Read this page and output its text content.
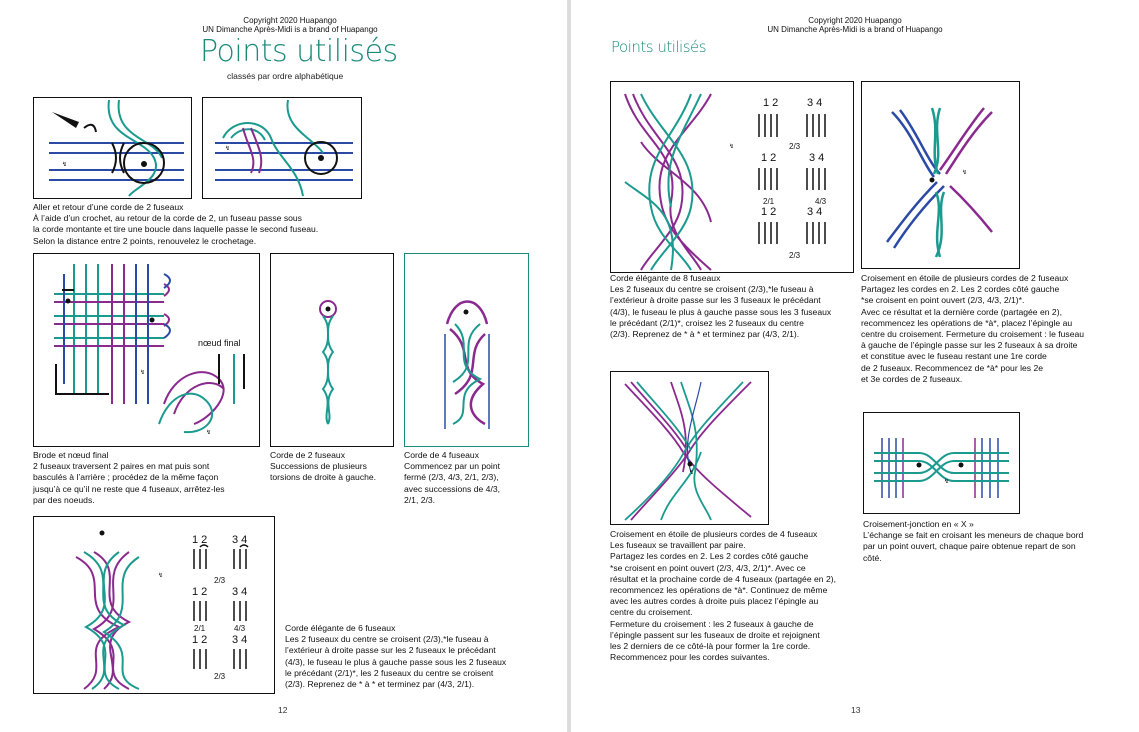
Copyright 2020 Huapango
UN Dimanche Après-Midi is a brand of Huapango
Points utilisés
classés par ordre alphabétique
↯
↯
Aller et retour d’une corde de 2 fuseaux
À l’aide d’un crochet, au retour de la corde de 2, un fuseau passe sous
la corde montante et tire une boucle dans laquelle passe le second fuseau.
Selon la distance entre 2 points, renouvelez le crochetage.
nœud final
↯
↯
Brode et nœud final
2 fuseaux traversent 2 paires en mat puis sont
basculés à l’arrière ; procédez de la même façon
jusqu’à ce qu’il ne reste que 4 fuseaux, arrêtez-les
par des noeuds.
Corde de 2 fuseaux
Successions de plusieurs
torsions de droite à gauche.
Corde de 4 fuseaux
Commencez par un point
fermé (2/3, 4/3, 2/1, 2/3),
avec successions de 4/3,
2/1, 2/3.
↯
1 2 3 4
1 2 3 4
1 2 3 4
2/3
2/1	4/3
2/3
Corde élégante de 6 fuseaux
Les 2 fuseaux du centre se croisent (2/3),*le fuseau à
l’extérieur à droite passe sur les 2 fuseaux le précédant
(4/3), le fuseau le plus à gauche passe sous les 2 fuseaux
le précédant (2/1)*, les 2 fuseaux du centre se croisent
(2/3). Reprenez de * à * et terminez par (4/3, 2/1).
12
Copyright 2020 Huapango
UN Dimanche Après-Midi is a brand of Huapango
Points utilisés
1 2	3 4
1 2	3 4
1 2	3 4
2/3
2/1	4/3
2/3
↯
↯
Corde élégante de 8 fuseaux
Les 2 fuseaux du centre se croisent (2/3),*le fuseau à
l’extérieur à droite passe sur les 3 fuseaux le précédant
(4/3), le fuseau le plus à gauche passe sous les 3 fuseaux
le précédant (2/1)*, croisez les 2 fuseaux du centre
(2/3). Reprenez de * à * et terminez par (4/3, 2/1).
Croisement en étoile de plusieurs cordes de 2 fuseaux
Partagez les cordes en 2. Les 2 cordes côté gauche
*se croisent en point ouvert (2/3, 4/3, 2/1)*.
Avec ce résultat et la dernière corde (partagée en 2),
recommencez les opérations de *à*, placez l’épingle au
centre du croisement. Fermeture du croisement : le fuseau
à gauche de l’épingle passe sur les 2 fuseaux à sa droite
et constitue avec le fuseau restant une 1re corde
de 2 fuseaux. Recommencez de *à* pour les 2e
et 3e cordes de 2 fuseaux.
↯
Croisement en étoile de plusieurs cordes de 4 fuseaux
Les fuseaux se travaillent par paire.
Partagez les cordes en 2. Les 2 cordes côté gauche
*se croisent en point ouvert (2/3, 4/3, 2/1)*. Avec ce
résultat et la prochaine corde de 4 fuseaux (partagée en 2),
recommencez les opérations de *à*. Continuez de même
avec les autres cordes à droite puis placez l’épingle au
centre du croisement.
Fermeture du croisement : les 2 fuseaux à gauche de
l’épingle passent sur les fuseaux de droite et rejoignent
les 2 derniers de ce côté-là pour former la 1re corde.
Recommencez pour les cordes suivantes.
↯
Croisement-jonction en « X »
L’échange se fait en croisant les meneurs de chaque bord
par un point ouvert, chaque paire obtenue repart de son
côté.
13
